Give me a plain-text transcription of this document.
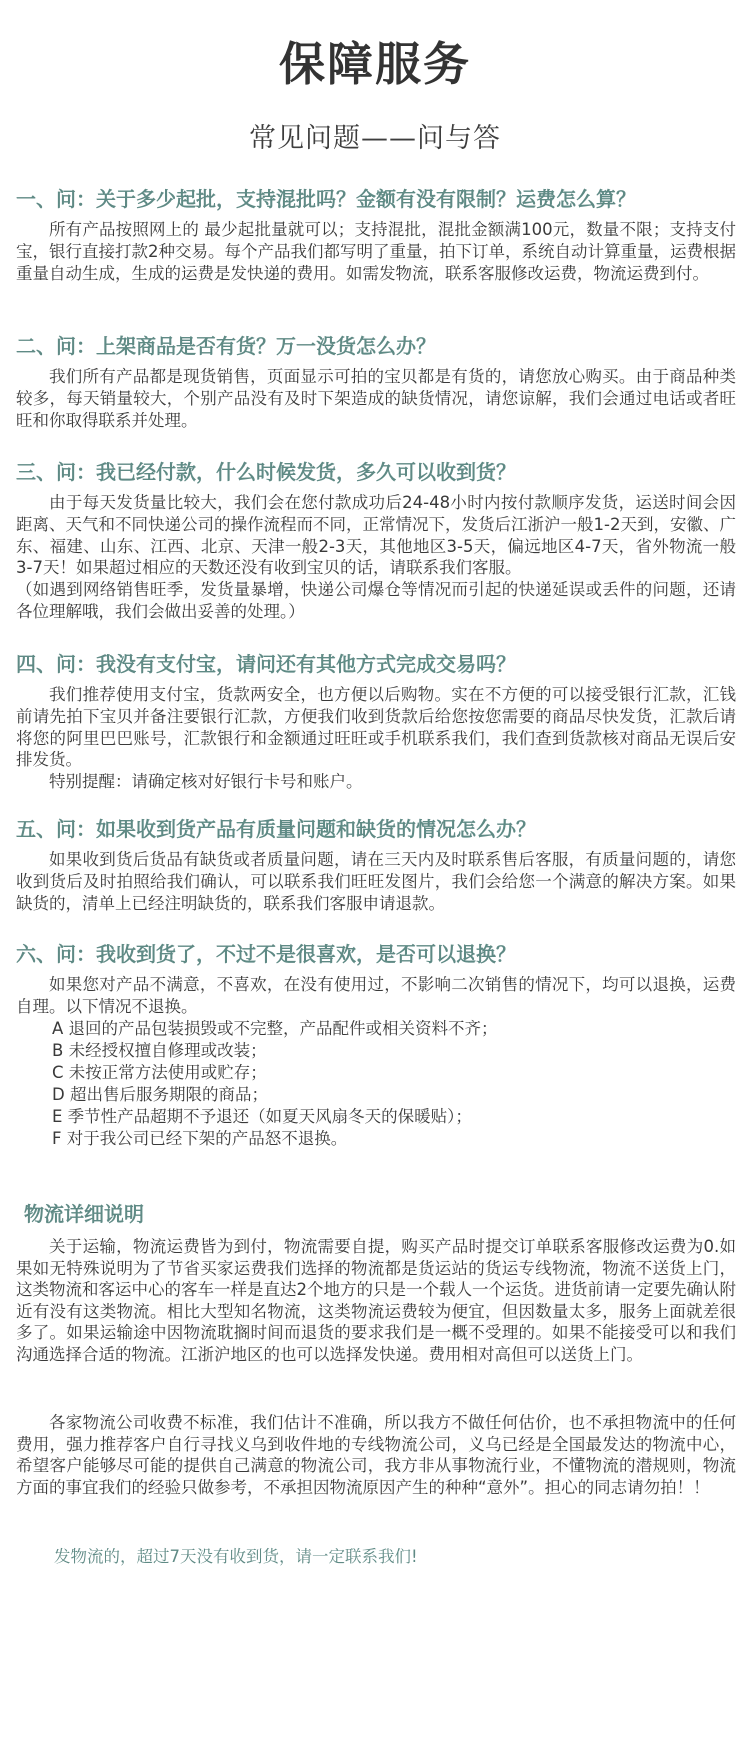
保障服务
常见问题——问与答
一、问：关于多少起批，支持混批吗？金额有没有限制？运费怎么算？

所有产品按照网上的 最少起批量就可以；支持混批，混批金额满100元，数量不限；支持支付宝，银行直接打款2种交易。每个产品我们都写明了重量，拍下订单，系统自动计算重量，运费根据重量自动生成，生成的运费是发快递的费用。如需发物流，联系客服修改运费，物流运费到付。

二、问：上架商品是否有货？万一没货怎么办？

我们所有产品都是现货销售，页面显示可拍的宝贝都是有货的，请您放心购买。由于商品种类较多，每天销量较大，个别产品没有及时下架造成的缺货情况，请您谅解，我们会通过电话或者旺旺和你取得联系并处理。

三、问：我已经付款，什么时候发货，多久可以收到货？

由于每天发货量比较大，我们会在您付款成功后24-48小时内按付款顺序发货，运送时间会因距离、天气和不同快递公司的操作流程而不同，正常情况下，发货后江浙沪一般1-2天到，安徽、广东、福建、山东、江西、北京、天津一般2-3天，其他地区3-5天，偏远地区4-7天，省外物流一般3-7天！如果超过相应的天数还没有收到宝贝的话，请联系我们客服。

（如遇到网络销售旺季，发货量暴增，快递公司爆仓等情况而引起的快递延误或丢件的问题，还请各位理解哦，我们会做出妥善的处理。）

四、问：我没有支付宝，请问还有其他方式完成交易吗？

我们推荐使用支付宝，货款两安全，也方便以后购物。实在不方便的可以接受银行汇款，汇钱前请先拍下宝贝并备注要银行汇款，方便我们收到货款后给您按您需要的商品尽快发货，汇款后请将您的阿里巴巴账号，汇款银行和金额通过旺旺或手机联系我们，我们查到货款核对商品无误后安排发货。

特别提醒：请确定核对好银行卡号和账户。

五、问：如果收到货产品有质量问题和缺货的情况怎么办？

如果收到货后货品有缺货或者质量问题，请在三天内及时联系售后客服，有质量问题的，请您收到货后及时拍照给我们确认，可以联系我们旺旺发图片，我们会给您一个满意的解决方案。如果缺货的，清单上已经注明缺货的，联系我们客服申请退款。

六、问：我收到货了，不过不是很喜欢，是否可以退换？

如果您对产品不满意，不喜欢，在没有使用过，不影响二次销售的情况下，均可以退换，运费自理。以下情况不退换。

A 退回的产品包装损毁或不完整，产品配件或相关资料不齐；
B 未经授权擅自修理或改装；
C 未按正常方法使用或贮存；
D 超出售后服务期限的商品；
E 季节性产品超期不予退还（如夏天风扇冬天的保暖贴）；
F 对于我公司已经下架的产品怒不退换。
物流详细说明

关于运输，物流运费皆为到付，物流需要自提，购买产品时提交订单联系客服修改运费为0.如果如无特殊说明为了节省买家运费我们选择的物流都是货运站的货运专线物流，物流不送货上门，这类物流和客运中心的客车一样是直达2个地方的只是一个载人一个运货。进货前请一定要先确认附近有没有这类物流。相比大型知名物流，这类物流运费较为便宜，但因数量太多，服务上面就差很多了。如果运输途中因物流耽搁时间而退货的要求我们是一概不受理的。如果不能接受可以和我们沟通选择合适的物流。江浙沪地区的也可以选择发快递。费用相对高但可以送货上门。

各家物流公司收费不标准，我们估计不准确，所以我方不做任何估价，也不承担物流中的任何费用，强力推荐客户自行寻找义乌到收件地的专线物流公司，义乌已经是全国最发达的物流中心，希望客户能够尽可能的提供自己满意的物流公司，我方非从事物流行业，不懂物流的潜规则，物流方面的事宜我们的经验只做参考，不承担因物流原因产生的种种“意外”。担心的同志请勿拍！！

发物流的，超过7天没有收到货，请一定联系我们!
